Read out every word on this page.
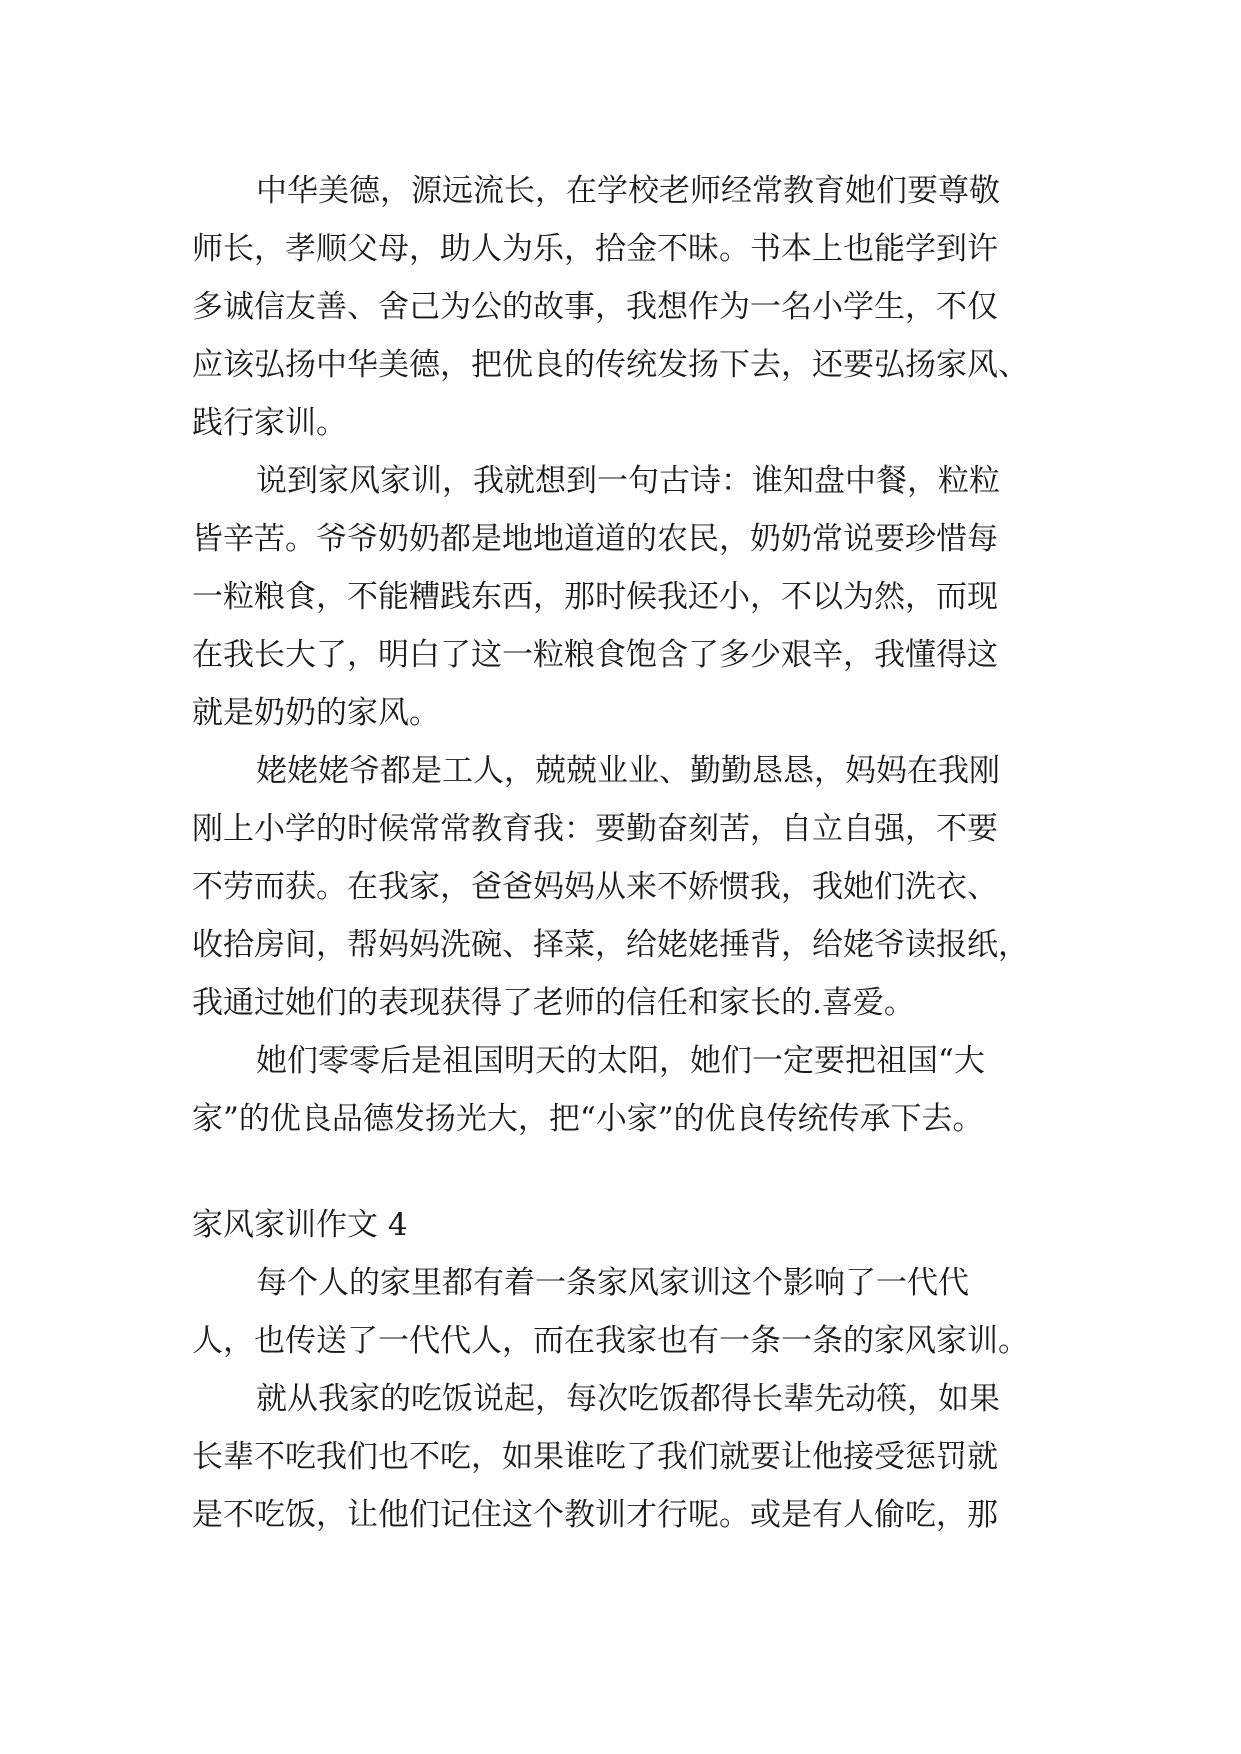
中华美德，源远流长，在学校老师经常教育她们要尊敬
师长，孝顺父母，助人为乐，拾金不昧。书本上也能学到许
多诚信友善、舍己为公的故事，我想作为一名小学生，不仅
应该弘扬中华美德，把优良的传统发扬下去，还要弘扬家风、
践行家训。
说到家风家训，我就想到一句古诗：谁知盘中餐，粒粒
皆辛苦。爷爷奶奶都是地地道道的农民，奶奶常说要珍惜每
一粒粮食，不能糟践东西，那时候我还小，不以为然，而现
在我长大了，明白了这一粒粮食饱含了多少艰辛，我懂得这
就是奶奶的家风。
姥姥姥爷都是工人，兢兢业业、勤勤恳恳，妈妈在我刚
刚上小学的时候常常教育我：要勤奋刻苦，自立自强，不要
不劳而获。在我家，爸爸妈妈从来不娇惯我，我她们洗衣、
收拾房间，帮妈妈洗碗、择菜，给姥姥捶背，给姥爷读报纸，
我通过她们的表现获得了老师的信任和家长的.喜爱。
她们零零后是祖国明天的太阳，她们一定要把祖国“大
家”的优良品德发扬光大，把“小家”的优良传统传承下去。
家风家训作文 4
每个人的家里都有着一条家风家训这个影响了一代代
人，也传送了一代代人，而在我家也有一条一条的家风家训。
就从我家的吃饭说起，每次吃饭都得长辈先动筷，如果
长辈不吃我们也不吃，如果谁吃了我们就要让他接受惩罚就
是不吃饭，让他们记住这个教训才行呢。或是有人偷吃，那
